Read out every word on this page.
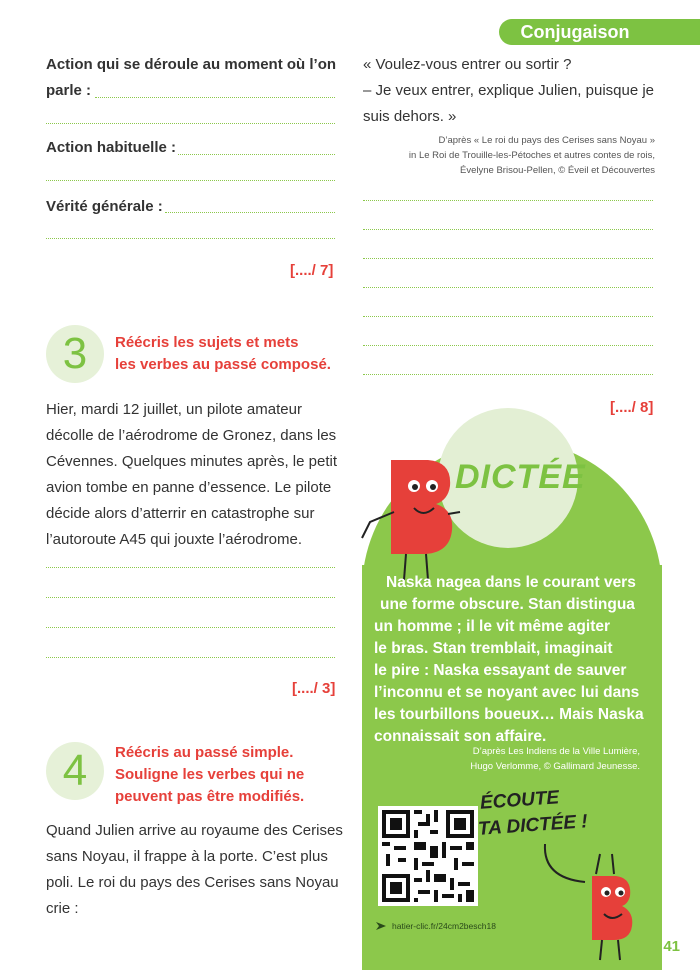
Conjugaison
Action qui se déroule au moment où l’on
parle :
Action habituelle :
Vérité générale :
[..../ 7]
3	Réécris les sujets et mets
les verbes au passé composé.
Hier, mardi 12 juillet, un pilote amateur
décolle de l’aérodrome de Gronez, dans les
Cévennes. Quelques minutes après, le petit
avion tombe en panne d’essence. Le pilote
décide alors d’atterrir en catastrophe sur
l’autoroute A45 qui jouxte l’aérodrome.
[..../ 3]
4	Réécris au passé simple.
Souligne les verbes qui ne
peuvent pas être modifiés.
Quand Julien arrive au royaume des Cerises
sans Noyau, il frappe à la porte. C’est plus
poli. Le roi du pays des Cerises sans Noyau
crie :
« Voulez-vous entrer ou sortir ?
– Je veux entrer, explique Julien, puisque je
suis dehors. »
D’après « Le roi du pays des Cerises sans Noyau »
in Le Roi de Trouille-les-Pétoches et autres contes de rois,
Évelyne Brisou-Pellen, © Éveil et Découvertes
[..../ 8]
DICTÉE
Naska nagea dans le courant vers
une forme obscure. Stan distingua
un homme ; il le vit même agiter
le bras. Stan tremblait, imaginait
le pire : Naska essayant de sauver
l’inconnu et se noyant avec lui dans
les tourbillons boueux… Mais Naska
connaissait son affaire.
D’après Les Indiens de la Ville Lumière,
Hugo Verlomme, © Gallimard Jeunesse.
ÉCOUTE
TA DICTÉE !
hatier-clic.fr/24cm2besch18
41
